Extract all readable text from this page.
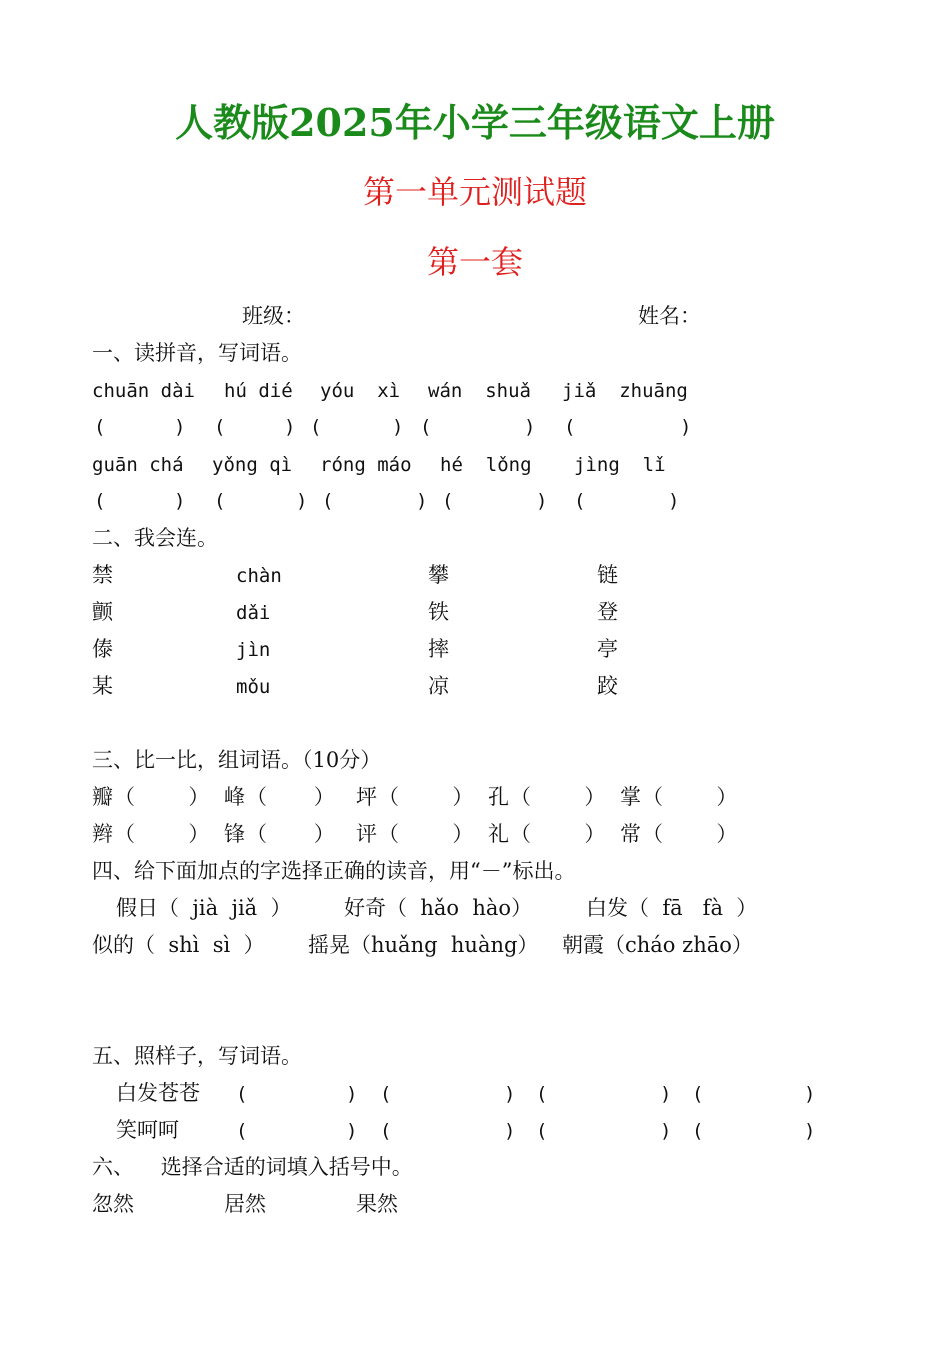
人教版2025年小学三年级语文上册
第一单元测试题
第一套
班级：	姓名：
一、读拼音，写词语。
chuān dài hú dié yóu  xì wán  shuǎ jiǎ  zhuāng
(	) (	) (	) (	) (	)
guān chá yǒng qì róng máo hé  lǒng jìng  lǐ
(	) (	) (	) (	) (	)
二、我会连。
禁	chàn	攀	链
颤	dǎi	铁	登
傣	jìn	摔	亭
某	mǒu	凉	跤
三、比一比，组词语。（10分）
瓣 （        ） 峰 （       ） 坪 （        ） 孔 （        ） 掌 （        ）
辫 （        ） 锋 （       ） 评 （        ） 礼 （        ） 常 （        ）
四、给下面加点的字选择正确的读音，用“－”标出。
假日（  jià  jiǎ  ） 好奇（  hǎo  hào）	白发（  fā   fà  ）
似的（  shì  sì  ） 摇晃（huǎng  huàng） 朝霞（cháo zhāo）
五、照样子，写词语。
白发苍苍 (	) (	) (	) (	)
笑呵呵	(	) (	) (	) (	)
六、    选择合适的词填入括号中。
忽然	居然	果然
